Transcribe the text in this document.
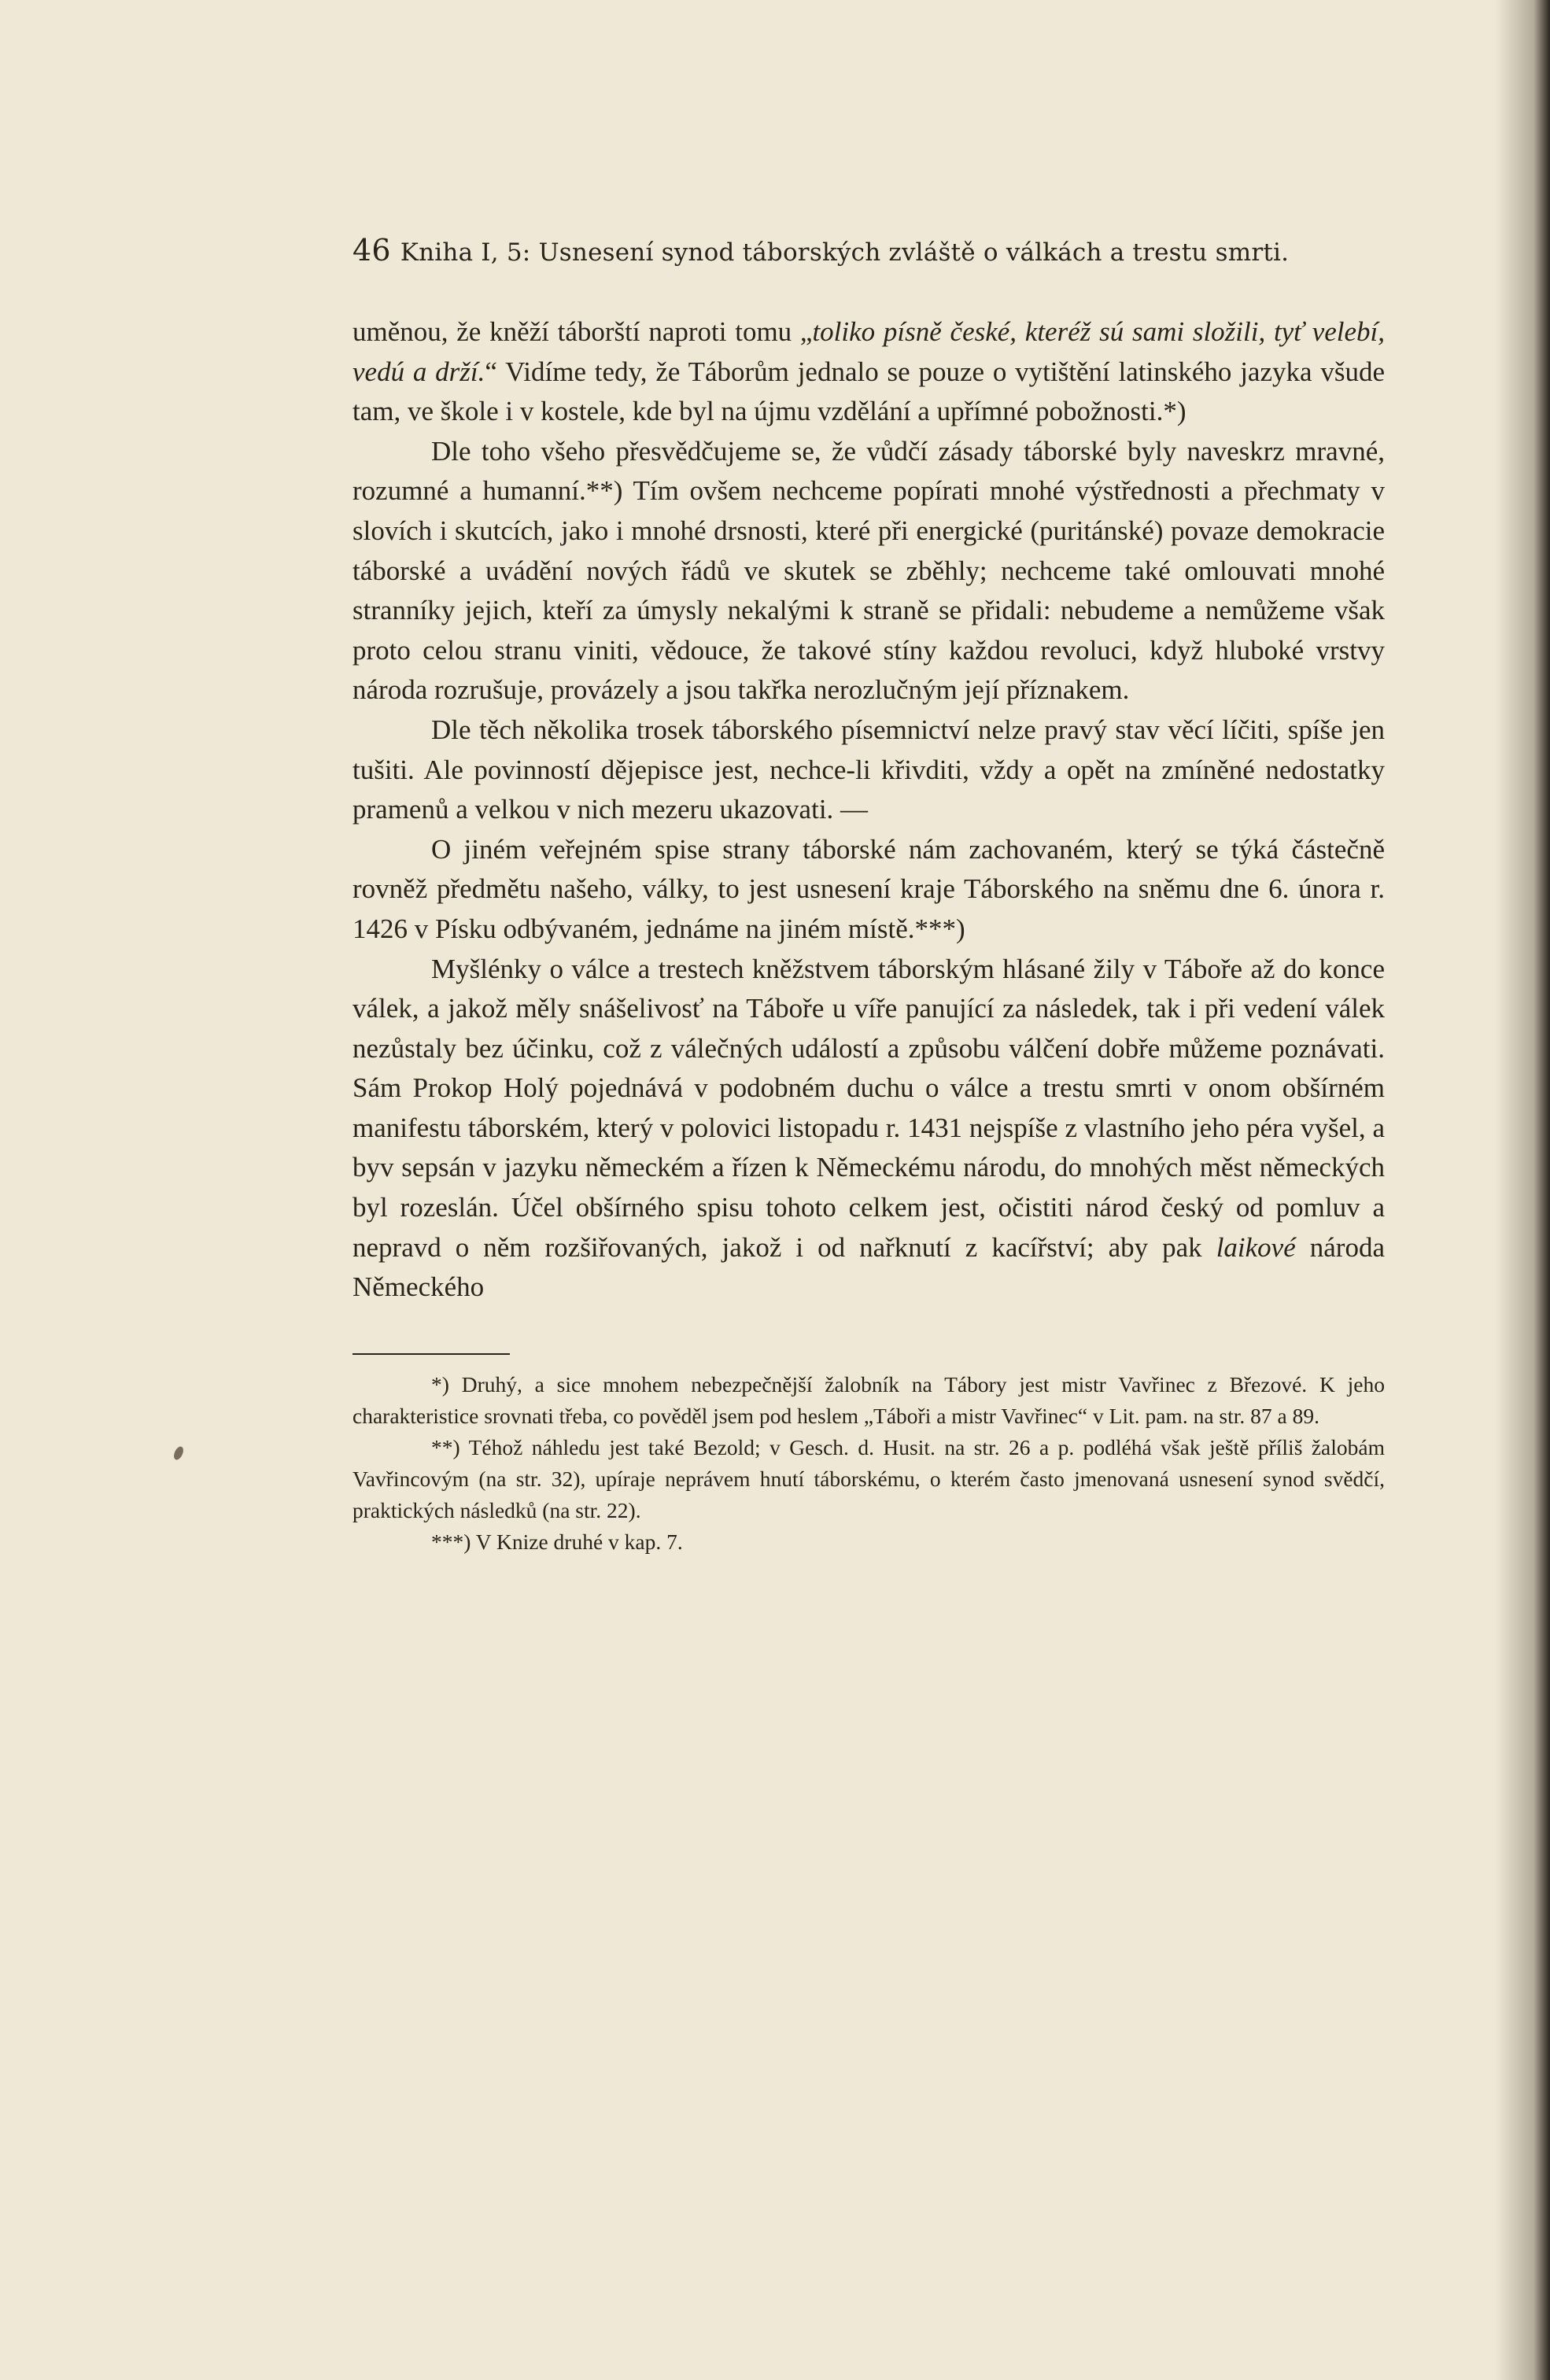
46 Kniha I, 5: Usnesení synod táborských zvláště o válkách a trestu smrti.

uměnou, že kněží táborští naproti tomu „toliko písně české, kteréž sú sami složili, tyť velebí, vedú a drží.“ Vidíme tedy, že Táborům jednalo se pouze o vytištění latinského jazyka všude tam, ve škole i v kostele, kde byl na újmu vzdělání a upřímné pobožnosti.*)

Dle toho všeho přesvědčujeme se, že vůdčí zásady táborské byly naveskrz mravné, rozumné a humanní.**) Tím ovšem nechceme popírati mnohé výstřednosti a přechmaty v slovích i skutcích, jako i mnohé drsnosti, které při energické (puritánské) povaze demokracie táborské a uvádění nových řádů ve skutek se zběhly; nechceme také omlouvati mnohé stranníky jejich, kteří za úmysly nekalými k straně se přidali: nebudeme a nemůžeme však proto celou stranu viniti, vědouce, že takové stíny každou revoluci, když hluboké vrstvy národa rozrušuje, provázely a jsou takřka nerozlučným její příznakem.

Dle těch několika trosek táborského písemnictví nelze pravý stav věcí líčiti, spíše jen tušiti. Ale povinností dějepisce jest, nechce-li křivditi, vždy a opět na zmíněné nedostatky pramenů a velkou v nich mezeru ukazovati. —

O jiném veřejném spise strany táborské nám zachovaném, který se týká částečně rovněž předmětu našeho, války, to jest usnesení kraje Táborského na sněmu dne 6. února r. 1426 v Písku odbývaném, jednáme na jiném místě.***)

Myšlénky o válce a trestech kněžstvem táborským hlásané žily v Táboře až do konce válek, a jakož měly snášelivosť na Táboře u víře panující za následek, tak i při vedení válek nezůstaly bez účinku, což z válečných událostí a způsobu válčení dobře můžeme poznávati. Sám Prokop Holý pojednává v podobném duchu o válce a trestu smrti v onom obšírném manifestu táborském, který v polovici listopadu r. 1431 nejspíše z vlastního jeho péra vyšel, a byv sepsán v jazyku německém a řízen k Německému národu, do mnohých měst německých byl rozeslán. Účel obšírného spisu tohoto celkem jest, očistiti národ český od pomluv a nepravd o něm rozšiřovaných, jakož i od nařknutí z kacířství; aby pak laikové národa Německého

*) Druhý, a sice mnohem nebezpečnější žalobník na Tábory jest mistr Vavřinec z Březové. K jeho charakteristice srovnati třeba, co pověděl jsem pod heslem „Táboři a mistr Vavřinec“ v Lit. pam. na str. 87 a 89.

**) Téhož náhledu jest také Bezold; v Gesch. d. Husit. na str. 26 a p. podléhá však ještě příliš žalobám Vavřincovým (na str. 32), upíraje neprávem hnutí táborskému, o kterém často jmenovaná usnesení synod svědčí, praktických následků (na str. 22).

***) V Knize druhé v kap. 7.
